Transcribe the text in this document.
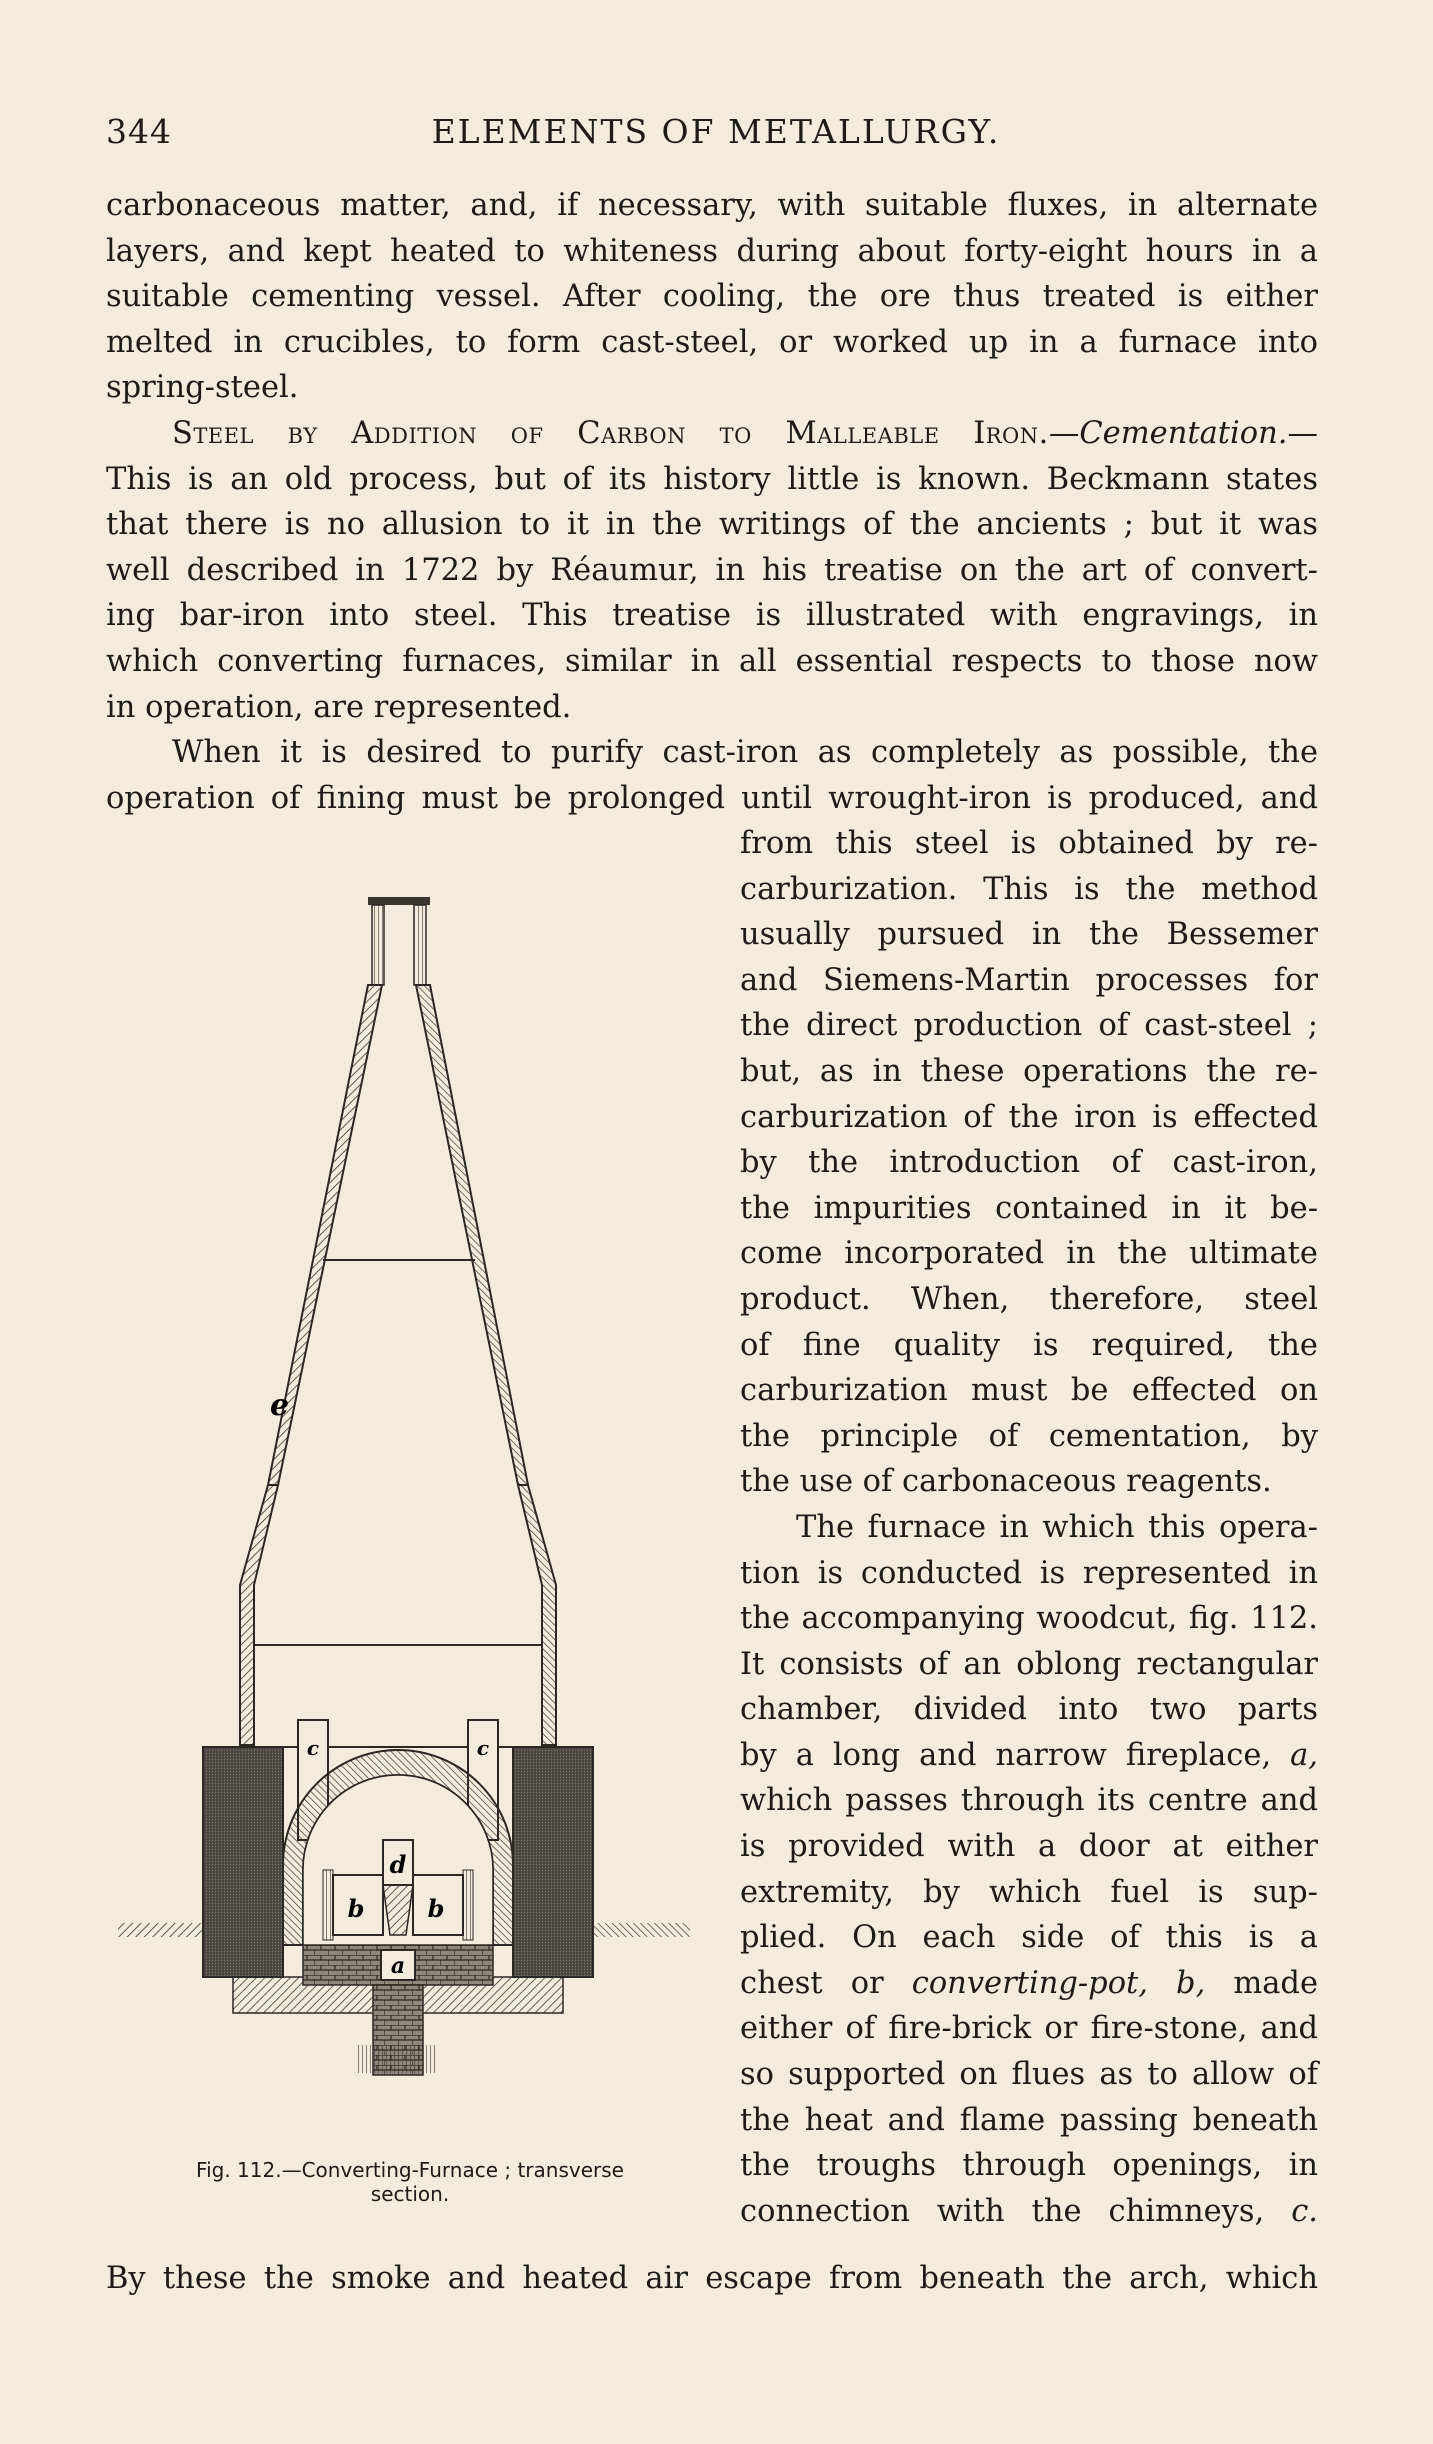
344	ELEMENTS OF METALLURGY.
carbonaceous matter, and, if necessary, with suitable fluxes, in alternate
layers, and kept heated to whiteness during about forty-eight hours in a
suitable cementing vessel. After cooling, the ore thus treated is either
melted in crucibles, to form cast-steel, or worked up in a furnace into
spring-steel.
Steel by Addition of Carbon to Malleable Iron.—Cementation.—
This is an old process, but of its history little is known. Beckmann states
that there is no allusion to it in the writings of the ancients ; but it was
well described in 1722 by Réaumur, in his treatise on the art of convert-
ing bar-iron into steel. This treatise is illustrated with engravings, in
which converting furnaces, similar in all essential respects to those now
in operation, are represented.
When it is desired to purify cast-iron as completely as possible, the
operation of fining must be prolonged until wrought-iron is produced, and
from this steel is obtained by re-
carburization. This is the method
usually pursued in the Bessemer
and Siemens-Martin processes for
the direct production of cast-steel ;
but, as in these operations the re-
carburization of the iron is effected
by the introduction of cast-iron,
the impurities contained in it be-
come incorporated in the ultimate
product. When, therefore, steel
of fine quality is required, the
carburization must be effected on
the principle of cementation, by
the use of carbonaceous reagents.
The furnace in which this opera-
tion is conducted is represented in
the accompanying woodcut, fig. 112.
It consists of an oblong rectangular
chamber, divided into two parts
by a long and narrow fireplace, a,
which passes through its centre and
is provided with a door at either
extremity, by which fuel is sup-
plied. On each side of this is a
chest or converting-pot, b, made
either of fire-brick or fire-stone, and
so supported on flues as to allow of
the heat and flame passing beneath
the troughs through openings, in
connection with the chimneys, c.
By these the smoke and heated air escape from beneath the arch, which
e
c	c
b	b
d
a
Fig. 112.—Converting-Furnace ; transverse
section.
